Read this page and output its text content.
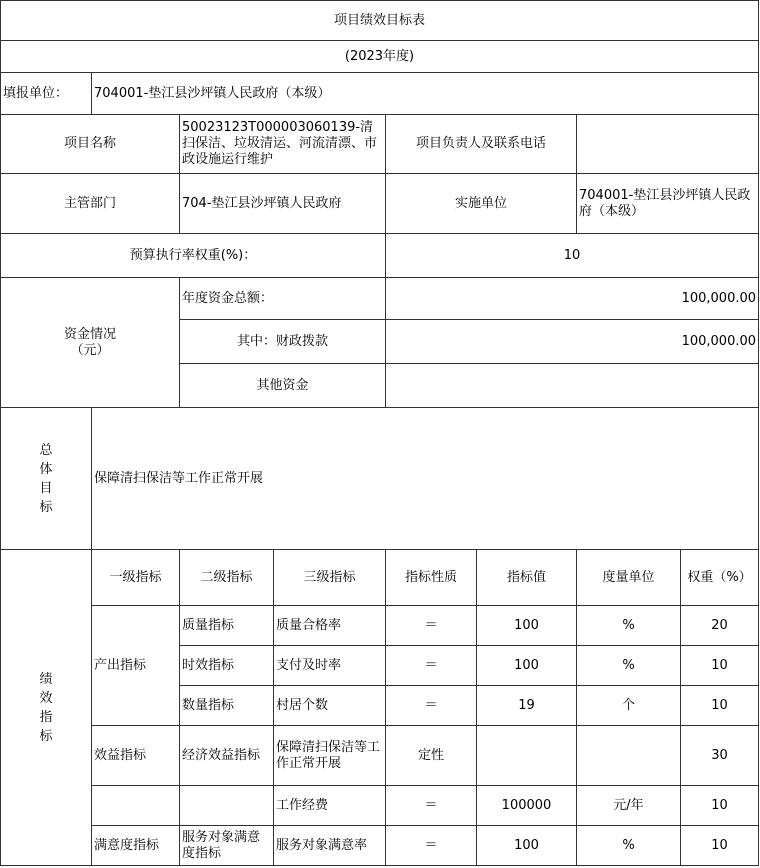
项目绩效目标表							
(2023年度)							
填报单位：	704001-垫江县沙坪镇人民政府（本级）						
项目名称		50023123T000003060139-清扫保洁、垃圾清运、河流清漂、市政设施运行维护		项目负责人及联系电话			
主管部门		704-垫江县沙坪镇人民政府		实施单位		704001-垫江县沙坪镇人民政府（本级）	
预算执行率权重(%)：				10			
资金情况（元）		年度资金总额：		100,000.00			
		其中：财政拨款		100,000.00			
		其他资金					
总体目标	保障清扫保洁等工作正常开展						
绩效指标	一级指标	二级指标	三级指标	指标性质	指标值	度量单位	权重（%）
	产出指标	质量指标	质量合格率	＝	100	%	20
		时效指标	支付及时率	＝	100	%	10
		数量指标	村居个数	＝	19	个	10
	效益指标	经济效益指标	保障清扫保洁等工作正常开展	定性			30
			工作经费	＝	100000	元/年	10
	满意度指标	服务对象满意度指标	服务对象满意率	＝	100	%	10
